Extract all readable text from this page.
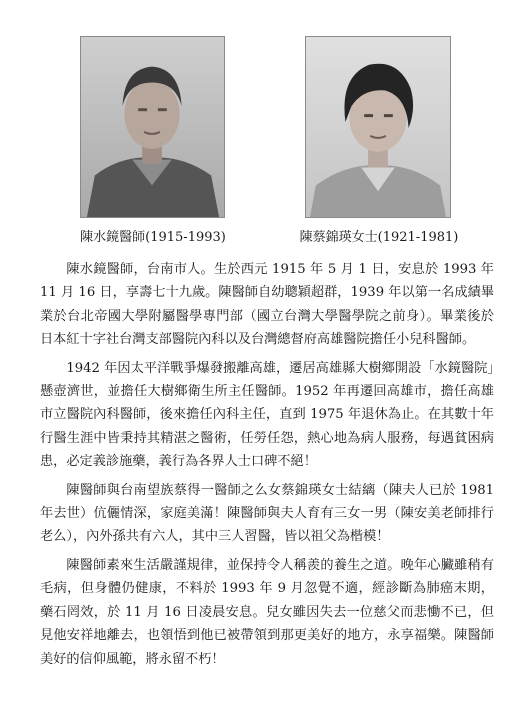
陳水鏡醫師(1915-1993)	陳蔡錦瑛女士(1921-1981)

陳水鏡醫師，台南市人。生於西元 1915 年 5 月 1 日，安息於 1993 年 11 月 16 日，享壽七十九歲。陳醫師自幼聰穎超群，1939 年以第一名成績畢業於台北帝國大學附屬醫學專門部（國立台灣大學醫學院之前身）。畢業後於日本紅十字社台灣支部醫院內科以及台灣總督府高雄醫院擔任小兒科醫師。

1942 年因太平洋戰爭爆發搬離高雄，遷居高雄縣大樹鄉開設「水鏡醫院」懸壺濟世，並擔任大樹鄉衛生所主任醫師。1952 年再遷回高雄市，擔任高雄市立醫院內科醫師，後來擔任內科主任，直到 1975 年退休為止。在其數十年行醫生涯中皆秉持其精湛之醫術，任勞任怨，熱心地為病人服務，每遇貧困病患，必定義診施藥，義行為各界人士口碑不絕！

陳醫師與台南望族蔡得一醫師之么女蔡錦瑛女士結縭（陳夫人已於 1981 年去世）伉儷情深，家庭美滿！陳醫師與夫人育有三女一男（陳安美老師排行老么），內外孫共有六人，其中三人習醫，皆以祖父為楷模！

陳醫師素來生活嚴謹規律，並保持令人稱羨的養生之道。晚年心臟雖稍有毛病，但身體仍健康，不料於 1993 年 9 月忽覺不適，經診斷為肺癌末期，藥石罔效，於 11 月 16 日凌晨安息。兒女雖因失去一位慈父而悲慟不已，但見他安祥地離去，也領悟到他已被帶領到那更美好的地方，永享福樂。陳醫師美好的信仰風範，將永留不朽！
